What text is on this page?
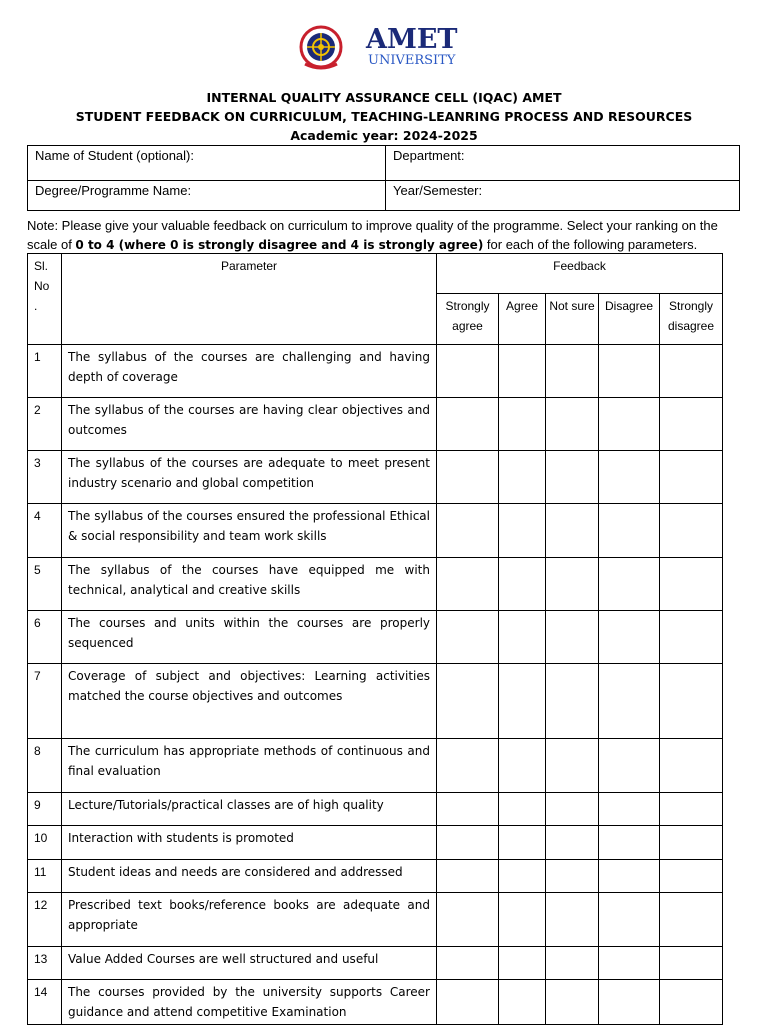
AMET
UNIVERSITY
INTERNAL QUALITY ASSURANCE CELL (IQAC) AMET
STUDENT FEEDBACK ON CURRICULUM, TEACHING-LEANRING PROCESS AND RESOURCES
Academic year: 2024-2025
Name of Student (optional):	Department:
Degree/Programme Name:	Year/Semester:
Note: Please give your valuable feedback on curriculum to improve quality of the programme. Select your ranking on the scale of 0 to 4 (where 0 is strongly disagree and 4 is strongly agree) for each of the following parameters.
Sl. No .	Parameter	Feedback				
		Strongly agree	Agree	Not sure	Disagree	Strongly disagree
1	The syllabus of the courses are challenging and having depth of coverage					
2	The syllabus of the courses are having clear objectives and outcomes					
3	The syllabus of the courses are adequate to meet present industry scenario and global competition					
4	The syllabus of the courses ensured the professional Ethical & social responsibility and team work skills					
5	The syllabus of the courses have equipped me with technical, analytical and creative skills					
6	The courses and units within the courses are properly sequenced					
7	Coverage of subject and objectives: Learning activities matched the course objectives and outcomes					
8	The curriculum has appropriate methods of continuous and final evaluation					
9	Lecture/Tutorials/practical classes are of high quality					
10	Interaction with students is promoted					
11	Student ideas and needs are considered and addressed					
12	Prescribed text books/reference books are adequate and appropriate					
13	Value Added Courses are well structured and useful					
14	The courses provided by the university supports Career guidance and attend competitive Examination					
